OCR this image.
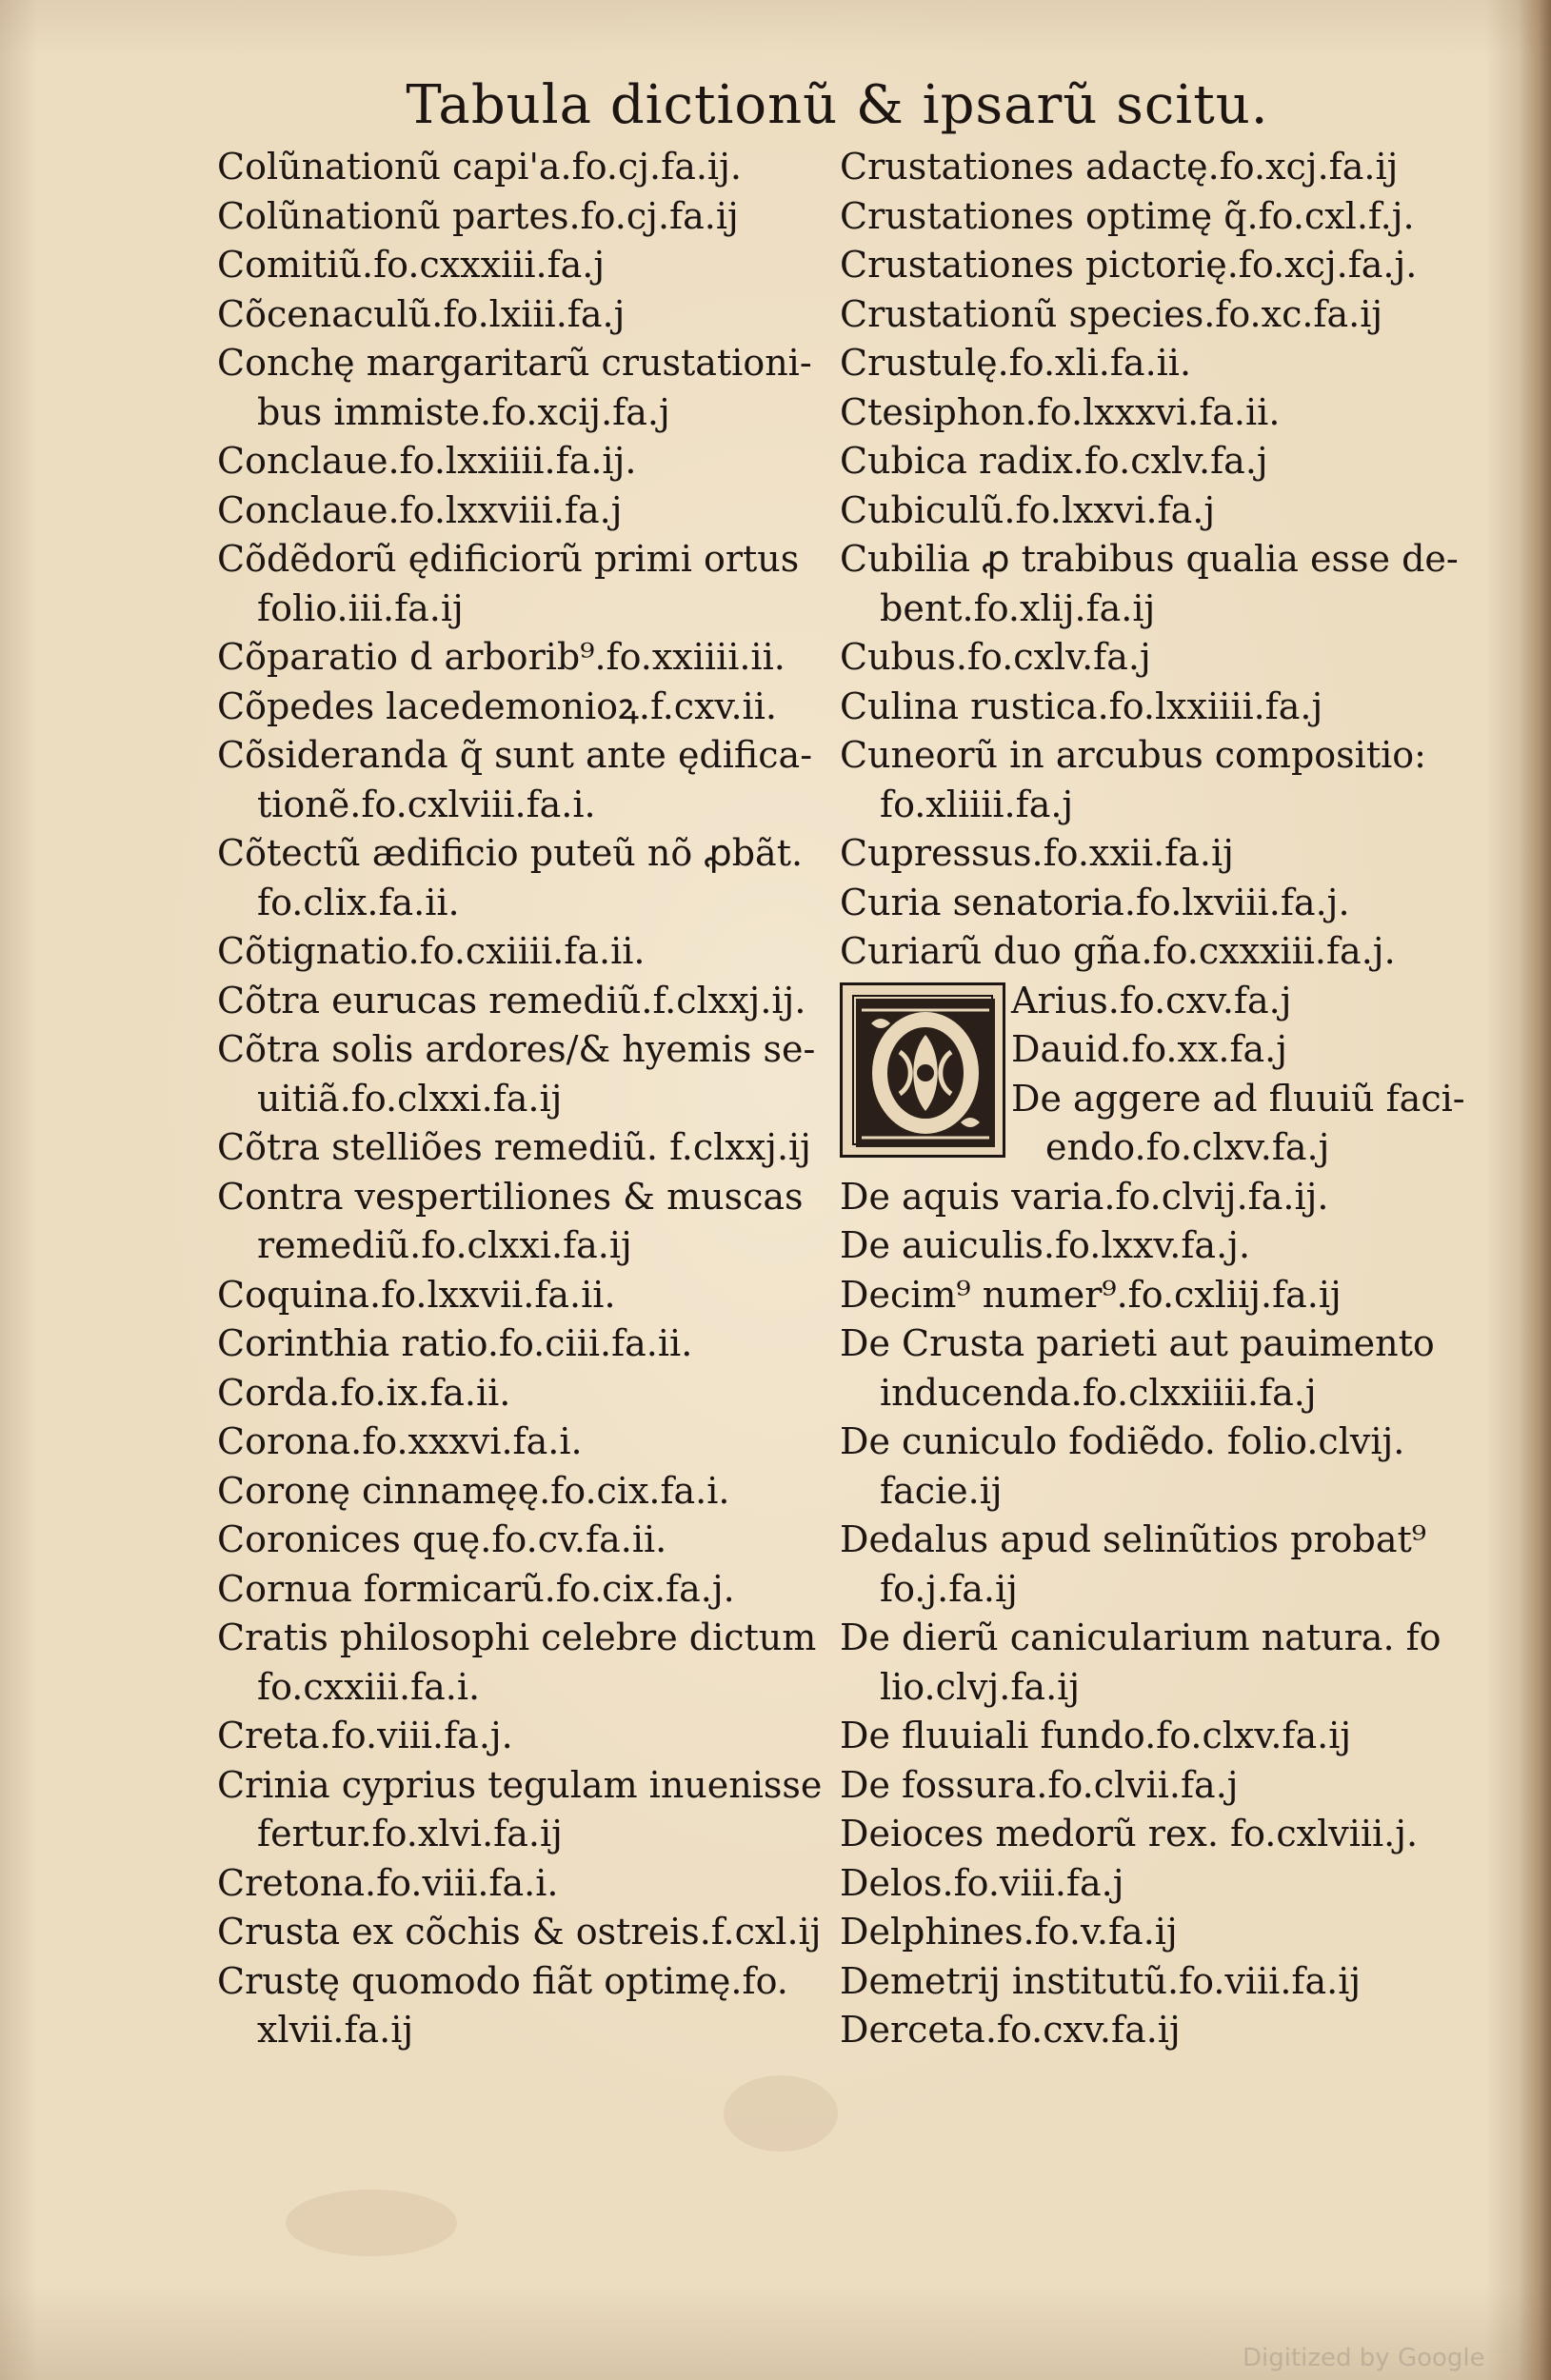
Tabula dictionũ & ipsarũ scitu.
Colũnationũ capi'a.fo.cj.fa.ij.
Colũnationũ partes.fo.cj.fa.ij
Comitiũ.fo.cxxxiii.fa.j
Cõcenaculũ.fo.lxiii.fa.j
Conchę margaritarũ crustationi-
bus immiste.fo.xcij.fa.j
Conclaue.fo.lxxiiii.fa.ij.
Conclaue.fo.lxxviii.fa.j
Cõdẽdorũ ędificiorũ primi ortus
folio.iii.fa.ij
Cõparatio d arborib⁹.fo.xxiiii.ii.
Cõpedes lacedemonioꝝ.f.cxv.ii.
Cõsideranda q̃ sunt ante ędifica-
tionẽ.fo.cxlviii.fa.i.
Cõtectũ ædificio puteũ nõ ꝓbãt.
fo.clix.fa.ii.
Cõtignatio.fo.cxiiii.fa.ii.
Cõtra eurucas remediũ.f.clxxj.ij.
Cõtra solis ardores/& hyemis se-
uitiã.fo.clxxi.fa.ij
Cõtra stelliões remediũ. f.clxxj.ij
Contra vespertiliones & muscas
remediũ.fo.clxxi.fa.ij
Coquina.fo.lxxvii.fa.ii.
Corinthia ratio.fo.ciii.fa.ii.
Corda.fo.ix.fa.ii.
Corona.fo.xxxvi.fa.i.
Coronę cinnamęę.fo.cix.fa.i.
Coronices quę.fo.cv.fa.ii.
Cornua formicarũ.fo.cix.fa.j.
Cratis philosophi celebre dictum
fo.cxxiii.fa.i.
Creta.fo.viii.fa.j.
Crinia cyprius tegulam inuenisse
fertur.fo.xlvi.fa.ij
Cretona.fo.viii.fa.i.
Crusta ex cõchis & ostreis.f.cxl.ij
Crustę quomodo fiãt optimę.fo.
xlvii.fa.ij
Crustationes adactę.fo.xcj.fa.ij
Crustationes optimę q̃.fo.cxl.f.j.
Crustationes pictorię.fo.xcj.fa.j.
Crustationũ species.fo.xc.fa.ij
Crustulę.fo.xli.fa.ii.
Ctesiphon.fo.lxxxvi.fa.ii.
Cubica radix.fo.cxlv.fa.j
Cubiculũ.fo.lxxvi.fa.j
Cubilia ꝓ trabibus qualia esse de-
bent.fo.xlij.fa.ij
Cubus.fo.cxlv.fa.j
Culina rustica.fo.lxxiiii.fa.j
Cuneorũ in arcubus compositio:
fo.xliiii.fa.j
Cupressus.fo.xxii.fa.ij
Curia senatoria.fo.lxviii.fa.j.
Curiarũ duo gña.fo.cxxxiii.fa.j.
Arius.fo.cxv.fa.j
Dauid.fo.xx.fa.j
De aggere ad fluuiũ faci-
endo.fo.clxv.fa.j
De aquis varia.fo.clvij.fa.ij.
De auiculis.fo.lxxv.fa.j.
Decim⁹ numer⁹.fo.cxliij.fa.ij
De Crusta parieti aut pauimento
inducenda.fo.clxxiiii.fa.j
De cuniculo fodiẽdo. folio.clvij.
facie.ij
Dedalus apud selinũtios probat⁹
fo.j.fa.ij
De dierũ canicularium natura. fo
lio.clvj.fa.ij
De fluuiali fundo.fo.clxv.fa.ij
De fossura.fo.clvii.fa.j
Deioces medorũ rex. fo.cxlviii.j.
Delos.fo.viii.fa.j
Delphines.fo.v.fa.ij
Demetrij institutũ.fo.viii.fa.ij
Derceta.fo.cxv.fa.ij
Digitized by Google
